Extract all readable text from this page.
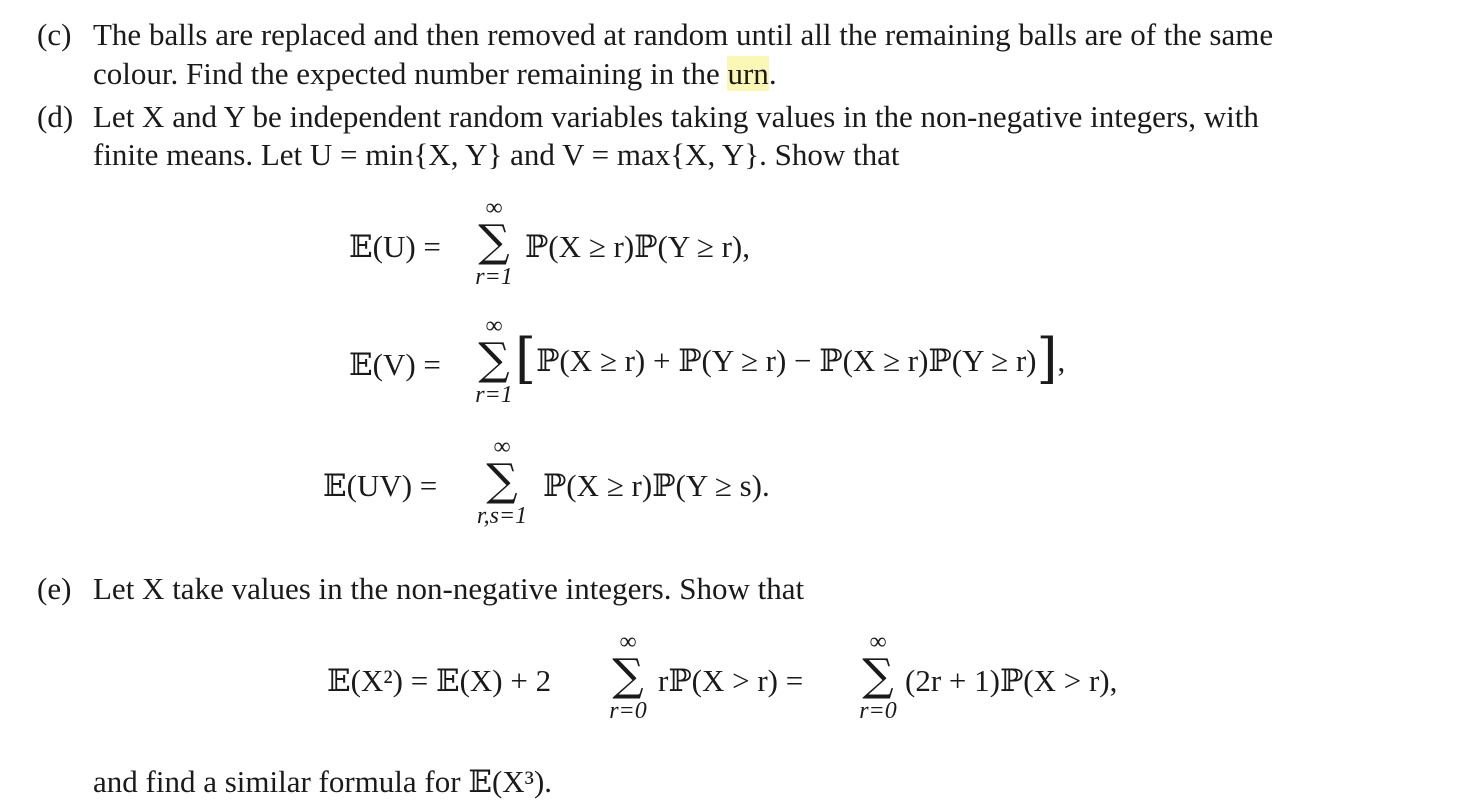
(c) The balls are replaced and then removed at random until all the remaining balls are of the same
colour. Find the expected number remaining in the urn.
(d) Let X and Y be independent random variables taking values in the non-negative integers, with
finite means. Let U = min{X, Y} and V = max{X, Y}. Show that
𝔼(U) =
∞
∑
r=1
ℙ(X ≥ r)ℙ(Y ≥ r),
𝔼(V) =
∞
∑
r=1
[ℙ(X ≥ r) + ℙ(Y ≥ r) − ℙ(X ≥ r)ℙ(Y ≥ r)],
𝔼(UV) =
∞
∑
r,s=1
ℙ(X ≥ r)ℙ(Y ≥ s).
(e) Let X take values in the non-negative integers. Show that
𝔼(X²) = 𝔼(X) + 2
∞
∑
r=0
rℙ(X > r) =
∞
∑
r=0
(2r + 1)ℙ(X > r),
and find a similar formula for 𝔼(X³).
